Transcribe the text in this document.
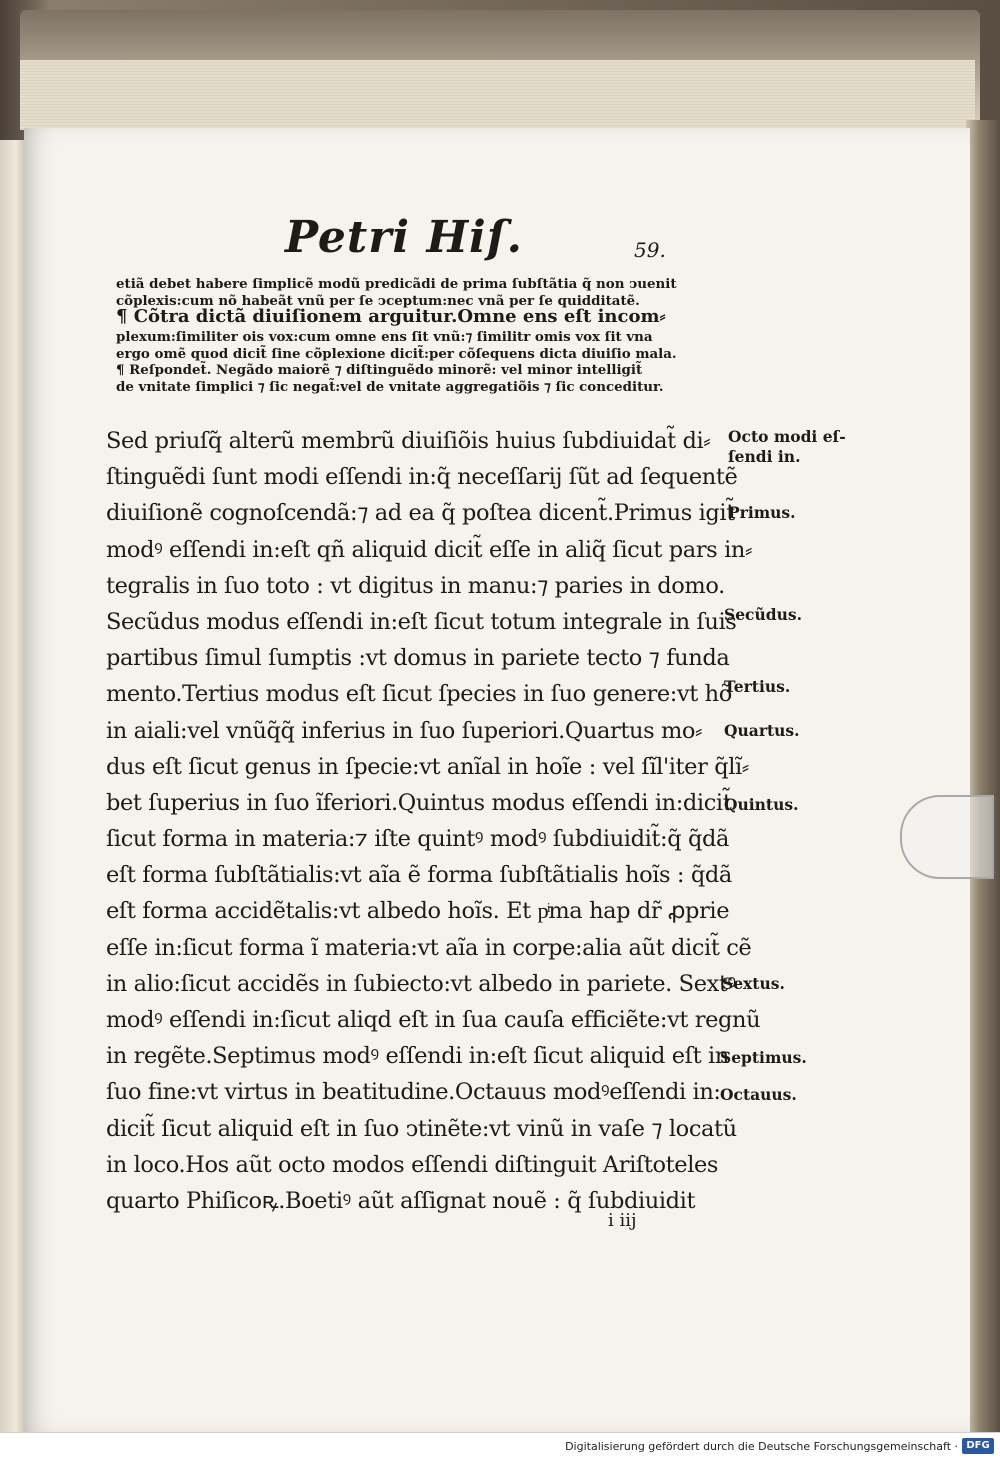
Petri Hiſ.	59.
etiã debet habere ſimplicẽ modũ predicãdi de prima ſubſtãtia q̃ non ↄuenit
cõplexis:cum nõ habeãt vnũ per ſe ↄceptum:nec vnã per ſe quidditatẽ.
¶ Cõtra dictã diuiſionem arguitur.Omne ens eſt incom⸗
plexum:ſimiliter ois vox:cum omne ens ſit vnũ:⁊ ſimilitr omis vox ſit vna
ergo omẽ quod dicit̃ ſine cõplexione dicit̃:per cõſequens dicta diuiſio mala.
¶ Reſpondet̃. Negãdo maiorẽ ⁊ diſtinguẽdo minorẽ: vel minor intelligit̃
de vnitate ſimplici ⁊ ſic negat̃:vel de vnitate aggregatiõis ⁊ ſic conceditur.
Sed priuſq̃ alterũ membrũ diuiſiõis huius ſubdiuidat̃ di⸗
ſtinguẽdi ſunt modi eſſendi in:q̃ neceſſarij ſũt ad ſequentẽ
diuiſionẽ cognoſcendã:⁊ ad ea q̃ poſtea dicent̃.Primus igit̃
modꝰ eſſendi in:eſt qñ aliquid dicit̃ eſſe in aliq̃ ſicut pars in⸗
tegralis in ſuo toto : vt digitus in manu:⁊ paries in domo.
Secũdus modus eſſendi in:eſt ſicut totum integrale in ſuis
partibus ſimul ſumptis :vt domus in pariete tecto ⁊ funda
mento.Tertius modus eſt ſicut ſpecies in ſuo genere:vt hõ
in aiali:vel vnũq̃q̃ inferius in ſuo ſuperiori.Quartus mo⸗
dus eſt ſicut genus in ſpecie:vt anĩal in hoĩe : vel ſĩl'iter q̃lĩ⸗
bet ſuperius in ſuo ĩferiori.Quintus modus eſſendi in:dicit̃
ſicut forma in materia:⁊ iſte quintꝰ modꝰ ſubdiuidit̃:q̃ q̃dã
eſt forma ſubſtãtialis:vt aĩa ẽ forma ſubſtãtialis hoĩs : q̃dã
eſt forma accidẽtalis:vt albedo hoĩs. Et pͥma hap dr̃ ꝓprie
eſſe in:ſicut forma ĩ materia:vt aĩa in corpe:alia aũt dicit̃ cẽ
in alio:ſicut accidẽs in ſubiecto:vt albedo in pariete. Sextꝰ
modꝰ eſſendi in:ſicut aliqd eſt in ſua cauſa efficiẽte:vt regnũ
in regẽte.Septimus modꝰ eſſendi in:eſt ſicut aliquid eſt in
ſuo fine:vt virtus in beatitudine.Octauus modꝰeſſendi in:
dicit̃ ſicut aliquid eſt in ſuo ↄtinẽte:vt vinũ in vaſe ⁊ locatũ
in loco.Hos aũt octo modos eſſendi diſtinguit Ariſtoteles
quarto Phiſicoꝶ.Boetiꝰ aũt aſſignat nouẽ : q̃ ſubdiuidit
Octo modi eſ-
ſendi in.
Primus.
Secũdus.
Tertius.
Quartus.
Quintus.
Sextus.
Septimus.
Octauus.
i iij
Digitalisierung gefördert durch die Deutsche Forschungsgemeinschaft · DFG
